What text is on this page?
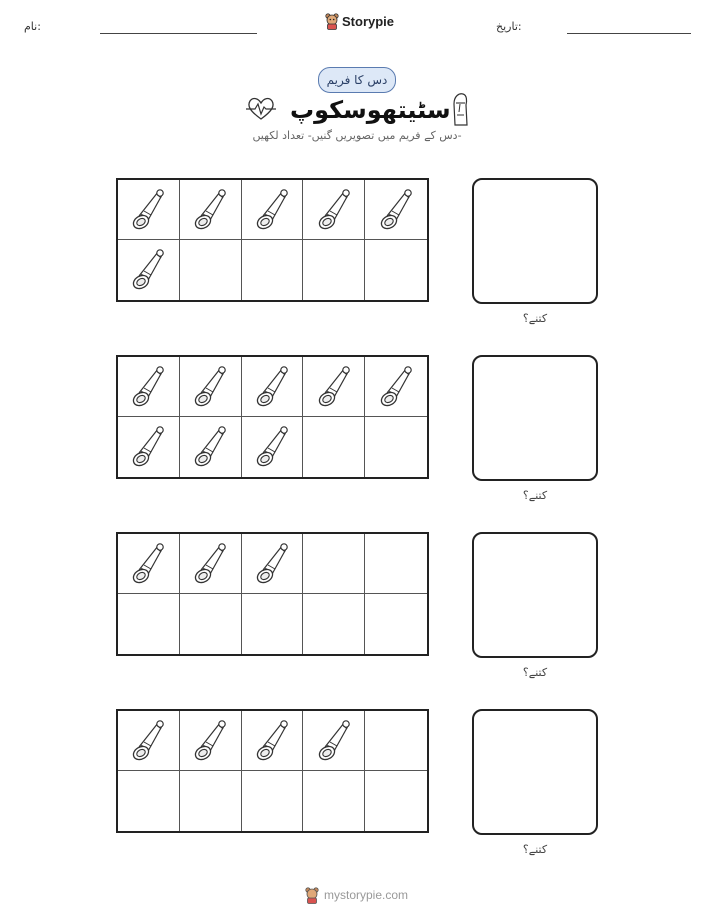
نام:	Storypie	تاریخ:
دس کا فریم
سٹیتھوسکوپ
دس کے فریم میں تصویریں گنیں- تعداد لکھیں-
کتنے؟
کتنے؟
کتنے؟
کتنے؟
mystorypie.com
